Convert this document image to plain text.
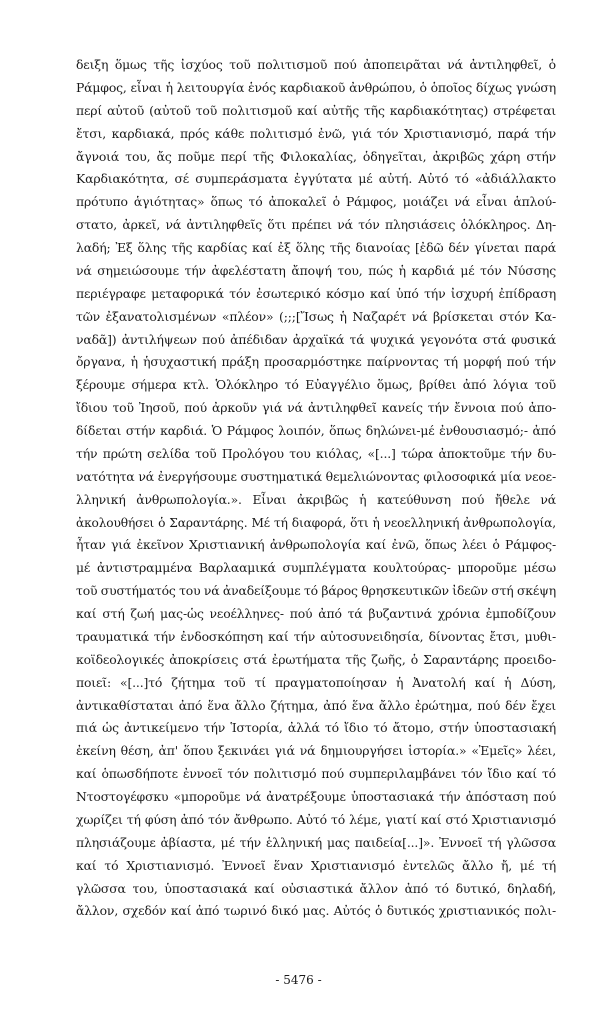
δειξη ὅμως τῆς ἰσχύος τοῦ πολιτισμοῦ πού ἀποπειρᾶται νά ἀντιληφθεῖ, ὁ
Ράμφος, εἶναι ἡ λειτουργία ἑνός καρδιακοῦ ἀνθρώπου, ὁ ὁποῖος δίχως γνώση
περί αὐτοῦ (αὐτοῦ τοῦ πολιτισμοῦ καί αὐτῆς τῆς καρδιακότητας) στρέφεται
ἔτσι, καρδιακά, πρός κάθε πολιτισμό ἐνῶ, γιά τόν Χριστιανισμό, παρά τήν
ἄγνοιά του, ἄς ποῦμε περί τῆς Φιλοκαλίας, ὁδηγεῖται, ἀκριβῶς χάρη στήν
Καρδιακότητα, σέ συμπεράσματα ἐγγύτατα μέ αὐτή. Αὐτό τό «ἀδιάλλακτο
πρότυπο ἁγιότητας» ὅπως τό ἀποκαλεῖ ὁ Ράμφος, μοιάζει νά εἶναι ἁπλού-
στατο, ἀρκεῖ, νά ἀντιληφθεῖς ὅτι πρέπει νά τόν πλησιάσεις ὁλόκληρος. Δη-
λαδή; Ἐξ ὅλης τῆς καρδίας καί ἐξ ὅλης τῆς διανοίας [ἐδῶ δέν γίνεται παρά
νά σημειώσουμε τήν ἀφελέστατη ἄποψή του, πώς ἡ καρδιά μέ τόν Νύσσης
περιέγραφε μεταφορικά τόν ἐσωτερικό κόσμο καί ὑπό τήν ἰσχυρή ἐπίδραση
τῶν ἐξανατολισμένων «πλέον» (;;;[Ἴσως ἡ Ναζαρέτ νά βρίσκεται στόν Κα-
ναδᾶ]) ἀντιλήψεων πού ἀπέδιδαν ἀρχαϊκά τά ψυχικά γεγονότα στά φυσικά
ὄργανα, ἡ ἡσυχαστική πράξη προσαρμόστηκε παίρνοντας τή μορφή πού τήν
ξέρουμε σήμερα κτλ. Ὁλόκληρο τό Εὐαγγέλιο ὅμως, βρίθει ἀπό λόγια τοῦ
ἴδιου τοῦ Ἰησοῦ, πού ἀρκοῦν γιά νά ἀντιληφθεῖ κανείς τήν ἔννοια πού ἀπο-
δίδεται στήν καρδιά. Ὁ Ράμφος λοιπόν, ὅπως δηλώνει-μέ ἐνθουσιασμό;- ἀπό
τήν πρώτη σελίδα τοῦ Προλόγου του κιόλας, «[...] τώρα ἀποκτοῦμε τήν δυ-
νατότητα νά ἐνεργήσουμε συστηματικά θεμελιώνοντας φιλοσοφικά μία νεοε-
λληνική ἀνθρωπολογία.». Εἶναι ἀκριβῶς ἡ κατεύθυνση πού ἤθελε νά
ἀκολουθήσει ὁ Σαραντάρης. Μέ τή διαφορά, ὅτι ἡ νεοελληνική ἀνθρωπολογία,
ἦταν γιά ἐκεῖνον Χριστιανική ἀνθρωπολογία καί ἐνῶ, ὅπως λέει ὁ Ράμφος-
μέ ἀντιστραμμένα Βαρλααμικά συμπλέγματα κουλτούρας- μποροῦμε μέσω
τοῦ συστήματός του νά ἀναδείξουμε τό βάρος θρησκευτικῶν ἰδεῶν στή σκέψη
καί στή ζωή μας-ὡς νεοέλληνες- πού ἀπό τά βυζαντινά χρόνια ἐμποδίζουν
τραυματικά τήν ἐνδοσκόπηση καί τήν αὐτοσυνειδησία, δίνοντας ἔτσι, μυθι-
κοϊδεολογικές ἀποκρίσεις στά ἐρωτήματα τῆς ζωῆς, ὁ Σαραντάρης προειδο-
ποιεῖ: «[...]τό ζήτημα τοῦ τί πραγματοποίησαν ἡ Ἀνατολή καί ἡ Δύση,
ἀντικαθίσταται ἀπό ἕνα ἄλλο ζήτημα, ἀπό ἕνα ἄλλο ἐρώτημα, πού δέν ἔχει
πιά ὡς ἀντικείμενο τήν Ἱστορία, ἀλλά τό ἴδιο τό ἄτομο, στήν ὑποστασιακή
ἐκείνη θέση, ἀπ' ὅπου ξεκινάει γιά νά δημιουργήσει ἱστορία.» «Ἐμεῖς» λέει,
καί ὁπωσδήποτε ἐννοεῖ τόν πολιτισμό πού συμπεριλαμβάνει τόν ἴδιο καί τό
Ντοστογέφσκυ «μποροῦμε νά ἀνατρέξουμε ὑποστασιακά τήν ἀπόσταση πού
χωρίζει τή φύση ἀπό τόν ἄνθρωπο. Αὐτό τό λέμε, γιατί καί στό Χριστιανισμό
πλησιάζουμε ἀβίαστα, μέ τήν ἑλληνική μας παιδεία[...]». Ἐννοεῖ τή γλῶσσα
καί τό Χριστιανισμό. Ἐννοεῖ ἕναν Χριστιανισμό ἐντελῶς ἄλλο ἤ, μέ τή
γλῶσσα του, ὑποστασιακά καί οὐσιαστικά ἄλλον ἀπό τό δυτικό, δηλαδή,
ἄλλον, σχεδόν καί ἀπό τωρινό δικό μας. Αὐτός ὁ δυτικός χριστιανικός πολι-
- 5476 -
